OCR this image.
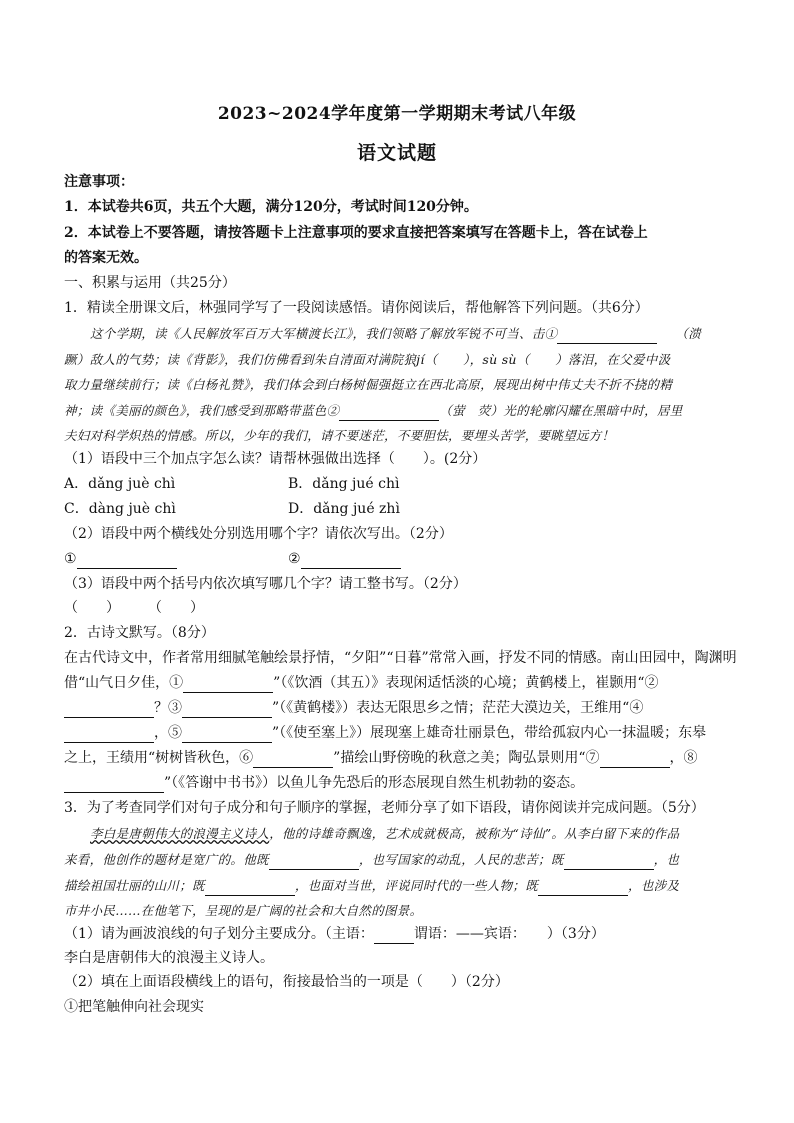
2023~2024学年度第一学期期末考试八年级
语文试题
注意事项：
1．本试卷共6页，共五个大题，满分120分，考试时间120分钟。
2．本试卷上不要答题，请按答题卡上注意事项的要求直接把答案填写在答题卡上，答在试卷上
的答案无效。
一、积累与运用（共25分）
1．精读全册课文后，林强同学写了一段阅读感悟。请你阅读后，帮他解答下列问题。（共6分）
这个学期，读《人民解放军百万大军横渡长江》，我们领略了解放军锐不可当、击①	（溃
蹶）敌人的气势；读《背影》，我们仿佛看到朱自清面对满院狼jí（　　），sù sù（　　）落泪，在父爱中汲
取力量继续前行；读《白杨礼赞》，我们体会到白杨树倔强挺立在西北高原，展现出树中伟丈夫不折不挠的精
神；读《美丽的颜色》，我们感受到那略带蓝色②	（萤　荧）光的轮廓闪耀在黑暗中时，居里
夫妇对科学炽热的情感。所以，少年的我们，请不要迷茫，不要胆怯，要埋头苦学，要眺望远方！
（1）语段中三个加点字怎么读？请帮林强做出选择（　　）。(2分）
A．dǎng juè chì	B．dǎng jué chì
C．dàng juè chì	D．dǎng jué zhì
（2）语段中两个横线处分别选用哪个字？请依次写出。（2分）
①	②
（3）语段中两个括号内依次填写哪几个字？请工整书写。（2分）
（　　）　　　（　　）
2．古诗文默写。（8分）
在古代诗文中，作者常用细腻笔触绘景抒情，“夕阳”“日暮”常常入画，抒发不同的情感。南山田园中，陶渊明
借“山气日夕佳，①	”（《饮酒（其五）》表现闲适恬淡的心境；黄鹤楼上，崔颢用“②
？③	”（《黄鹤楼》）表达无限思乡之情；茫茫大漠边关，王维用“④
，⑤	”（《使至塞上》）展现塞上雄奇壮丽景色，带给孤寂内心一抹温暖；东皋
之上，王绩用“树树皆秋色，⑥	”描绘山野傍晚的秋意之美；陶弘景则用“⑦	，⑧
”（《答谢中书书》）以鱼儿争先恐后的形态展现自然生机勃勃的姿态。
3．为了考查同学们对句子成分和句子顺序的掌握，老师分享了如下语段，请你阅读并完成问题。（5分）
李白是唐朝伟大的浪漫主义诗人，他的诗雄奇飘逸，艺术成就极高，被称为“诗仙”。从李白留下来的作品
来看，他创作的题材是宽广的。他既	，也写国家的动乱，人民的悲苦；既	，也
描绘祖国壮丽的山川；既	，也面对当世，评说同时代的一些人物；既	，也涉及
市井小民……在他笔下，呈现的是广阔的社会和大自然的图景。
（1）请为画波浪线的句子划分主要成分。（主语：	谓语：——宾语：　　）（3分）
李白是唐朝伟大的浪漫主义诗人。
（2）填在上面语段横线上的语句，衔接最恰当的一项是（　　）（2分）
①把笔触伸向社会现实
